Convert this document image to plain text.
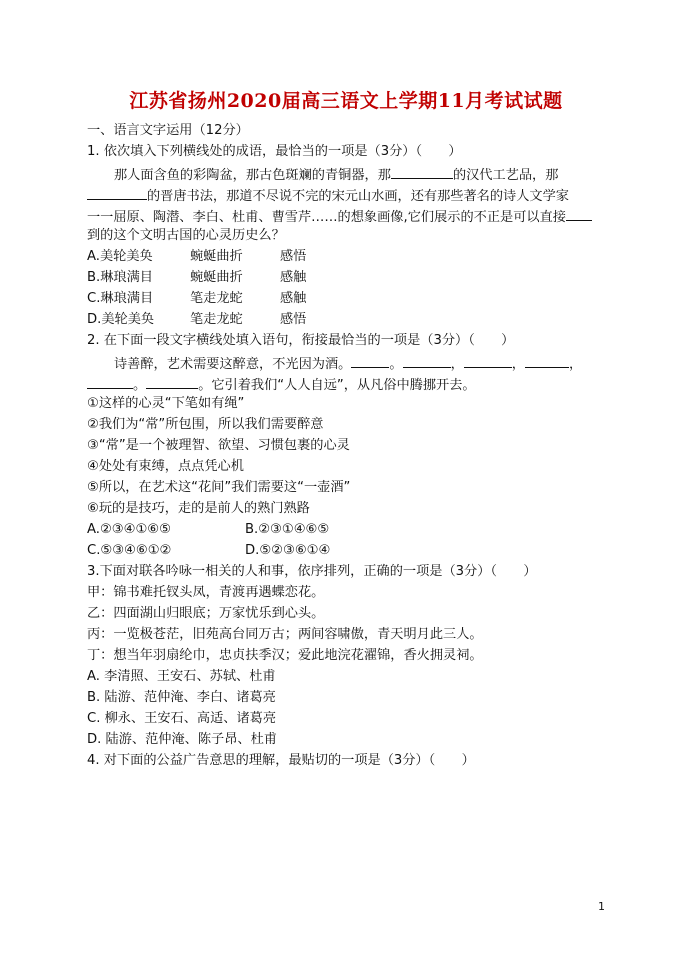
江苏省扬州2020届高三语文上学期11月考试试题
一、语言文字运用（12分）
1. 依次填入下列横线处的成语，最恰当的一项是（3分）（　　）
那人面含鱼的彩陶盆，那古色斑斓的青铜器，那	的汉代工艺品，那
的晋唐书法，那道不尽说不完的宋元山水画，还有那些著名的诗人文学家
一一屈原、陶潜、李白、杜甫、曹雪芹……的想象画像,它们展示的不正是可以直接
到的这个文明古国的心灵历史么？
A.美轮美奂	蜿蜒曲折	感悟
B.琳琅满目	蜿蜒曲折	感触
C.琳琅满目	笔走龙蛇	感触
D.美轮美奂	笔走龙蛇	感悟
2. 在下面一段文字横线处填入语句，衔接最恰当的一项是（3分）（　　）
诗善醉，艺术需要这醉意，不光因为酒。	。	，	，	，
。	。它引着我们“人人自远”，从凡俗中腾挪开去。
①这样的心灵“下笔如有绳”
②我们为“常”所包围，所以我们需要醉意
③“常”是一个被理智、欲望、习惯包裹的心灵
④处处有束缚，点点凭心机
⑤所以，在艺术这“花间”我们需要这“一壶酒”
⑥玩的是技巧，走的是前人的熟门熟路
A.②③④①⑥⑤	B.②③①④⑥⑤
C.⑤③④⑥①②	D.⑤②③⑥①④
3.下面对联各吟咏一相关的人和事，依序排列，正确的一项是（3分）（　　）
甲：锦书难托钗头凤，青渡再遇蝶恋花。
乙：四面湖山归眼底；万家忧乐到心头。
丙：一览极苍茫，旧苑高台同万古；两间容啸傲，青天明月此三人。
丁：想当年羽扇纶巾，忠贞扶季汉；爱此地浣花濯锦，香火拥灵祠。
A. 李清照、王安石、苏轼、杜甫
B. 陆游、范仲淹、李白、诸葛亮
C. 柳永、王安石、高适、诸葛亮
D. 陆游、范仲淹、陈子昂、杜甫
4. 对下面的公益广告意思的理解，最贴切的一项是（3分）（　　）
1
